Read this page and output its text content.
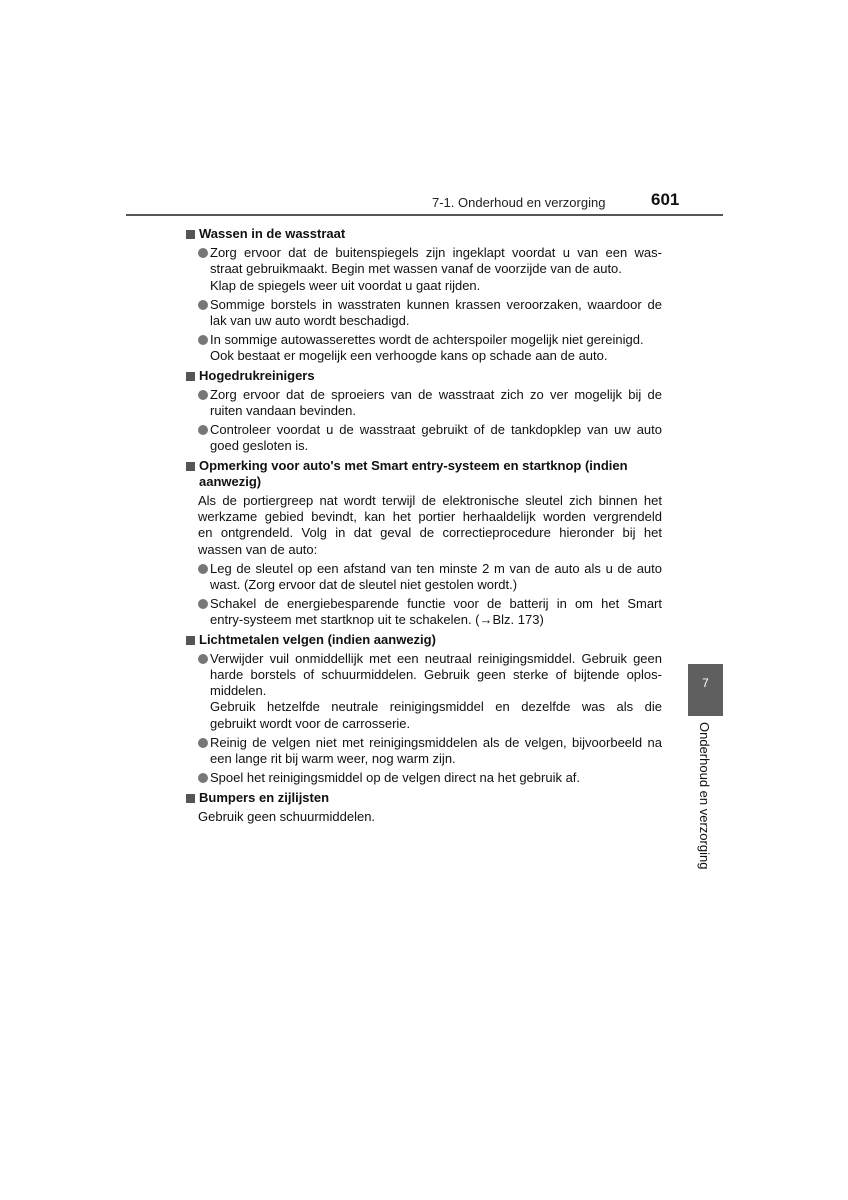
7-1. Onderhoud en verzorging	601
Wassen in de wasstraat
Zorg ervoor dat de buitenspiegels zijn ingeklapt voordat u van een was-
straat gebruikmaakt. Begin met wassen vanaf de voorzijde van de auto.
Klap de spiegels weer uit voordat u gaat rijden.
Sommige borstels in wasstraten kunnen krassen veroorzaken, waardoor de
lak van uw auto wordt beschadigd.
In sommige autowasserettes wordt de achterspoiler mogelijk niet gereinigd.
Ook bestaat er mogelijk een verhoogde kans op schade aan de auto.
Hogedrukreinigers
Zorg ervoor dat de sproeiers van de wasstraat zich zo ver mogelijk bij de
ruiten vandaan bevinden.
Controleer voordat u de wasstraat gebruikt of de tankdopklep van uw auto
goed gesloten is.
Opmerking voor auto's met Smart entry-systeem en startknop (indien
aanwezig)
Als de portiergreep nat wordt terwijl de elektronische sleutel zich binnen het
werkzame gebied bevindt, kan het portier herhaaldelijk worden vergrendeld
en ontgrendeld. Volg in dat geval de correctieprocedure hieronder bij het
wassen van de auto:
Leg de sleutel op een afstand van ten minste 2 m van de auto als u de auto
wast. (Zorg ervoor dat de sleutel niet gestolen wordt.)
Schakel de energiebesparende functie voor de batterij in om het Smart
entry-systeem met startknop uit te schakelen. (→Blz. 173)
Lichtmetalen velgen (indien aanwezig)
Verwijder vuil onmiddellijk met een neutraal reinigingsmiddel. Gebruik geen
harde borstels of schuurmiddelen. Gebruik geen sterke of bijtende oplos-
middelen.
Gebruik hetzelfde neutrale reinigingsmiddel en dezelfde was als die
gebruikt wordt voor de carrosserie.
Reinig de velgen niet met reinigingsmiddelen als de velgen, bijvoorbeeld na
een lange rit bij warm weer, nog warm zijn.
Spoel het reinigingsmiddel op de velgen direct na het gebruik af.
Bumpers en zijlijsten
Gebruik geen schuurmiddelen.
7
Onderhoud en verzorging
